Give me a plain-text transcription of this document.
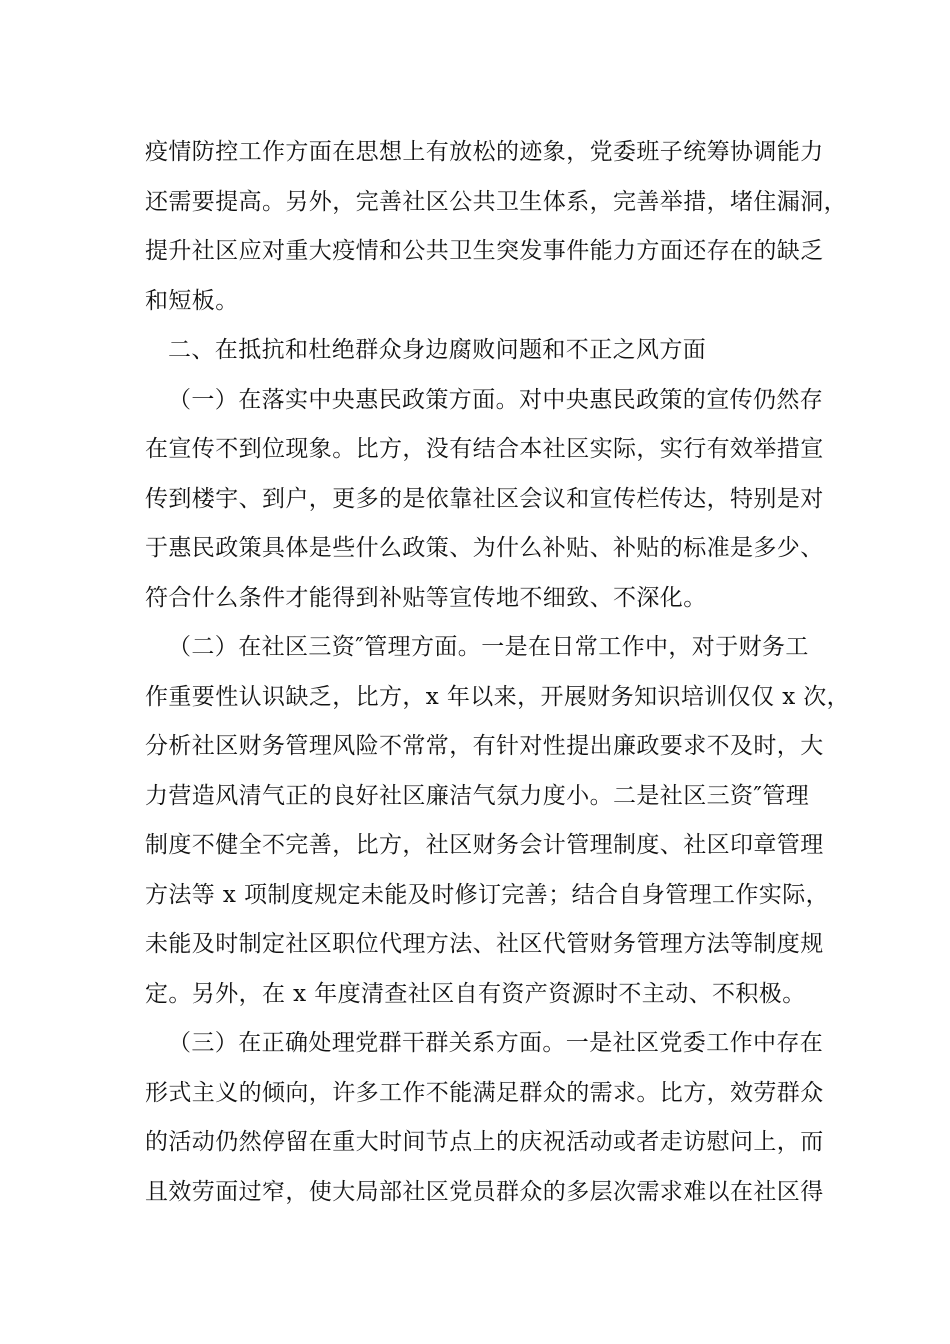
疫情防控工作方面在思想上有放松的迹象，党委班子统筹协调能力
还需要提高。另外，完善社区公共卫生体系，完善举措，堵住漏洞，
提升社区应对重大疫情和公共卫生突发事件能力方面还存在的缺乏
和短板。
二、在抵抗和杜绝群众身边腐败问题和不正之风方面
（一）在落实中央惠民政策方面。对中央惠民政策的宣传仍然存
在宣传不到位现象。比方，没有结合本社区实际，实行有效举措宣
传到楼宇、到户，更多的是依靠社区会议和宣传栏传达，特别是对
于惠民政策具体是些什么政策、为什么补贴、补贴的标准是多少、
符合什么条件才能得到补贴等宣传地不细致、不深化。
（二）在社区三资″管理方面。一是在日常工作中，对于财务工
作重要性认识缺乏，比方，x 年以来，开展财务知识培训仅仅 x 次，
分析社区财务管理风险不常常，有针对性提出廉政要求不及时，大
力营造风清气正的良好社区廉洁气氛力度小。二是社区三资″管理
制度不健全不完善，比方，社区财务会计管理制度、社区印章管理
方法等 x 项制度规定未能及时修订完善；结合自身管理工作实际，
未能及时制定社区职位代理方法、社区代管财务管理方法等制度规
定。另外，在 x 年度清查社区自有资产资源时不主动、不积极。
（三）在正确处理党群干群关系方面。一是社区党委工作中存在
形式主义的倾向，许多工作不能满足群众的需求。比方，效劳群众
的活动仍然停留在重大时间节点上的庆祝活动或者走访慰问上，而
且效劳面过窄，使大局部社区党员群众的多层次需求难以在社区得
